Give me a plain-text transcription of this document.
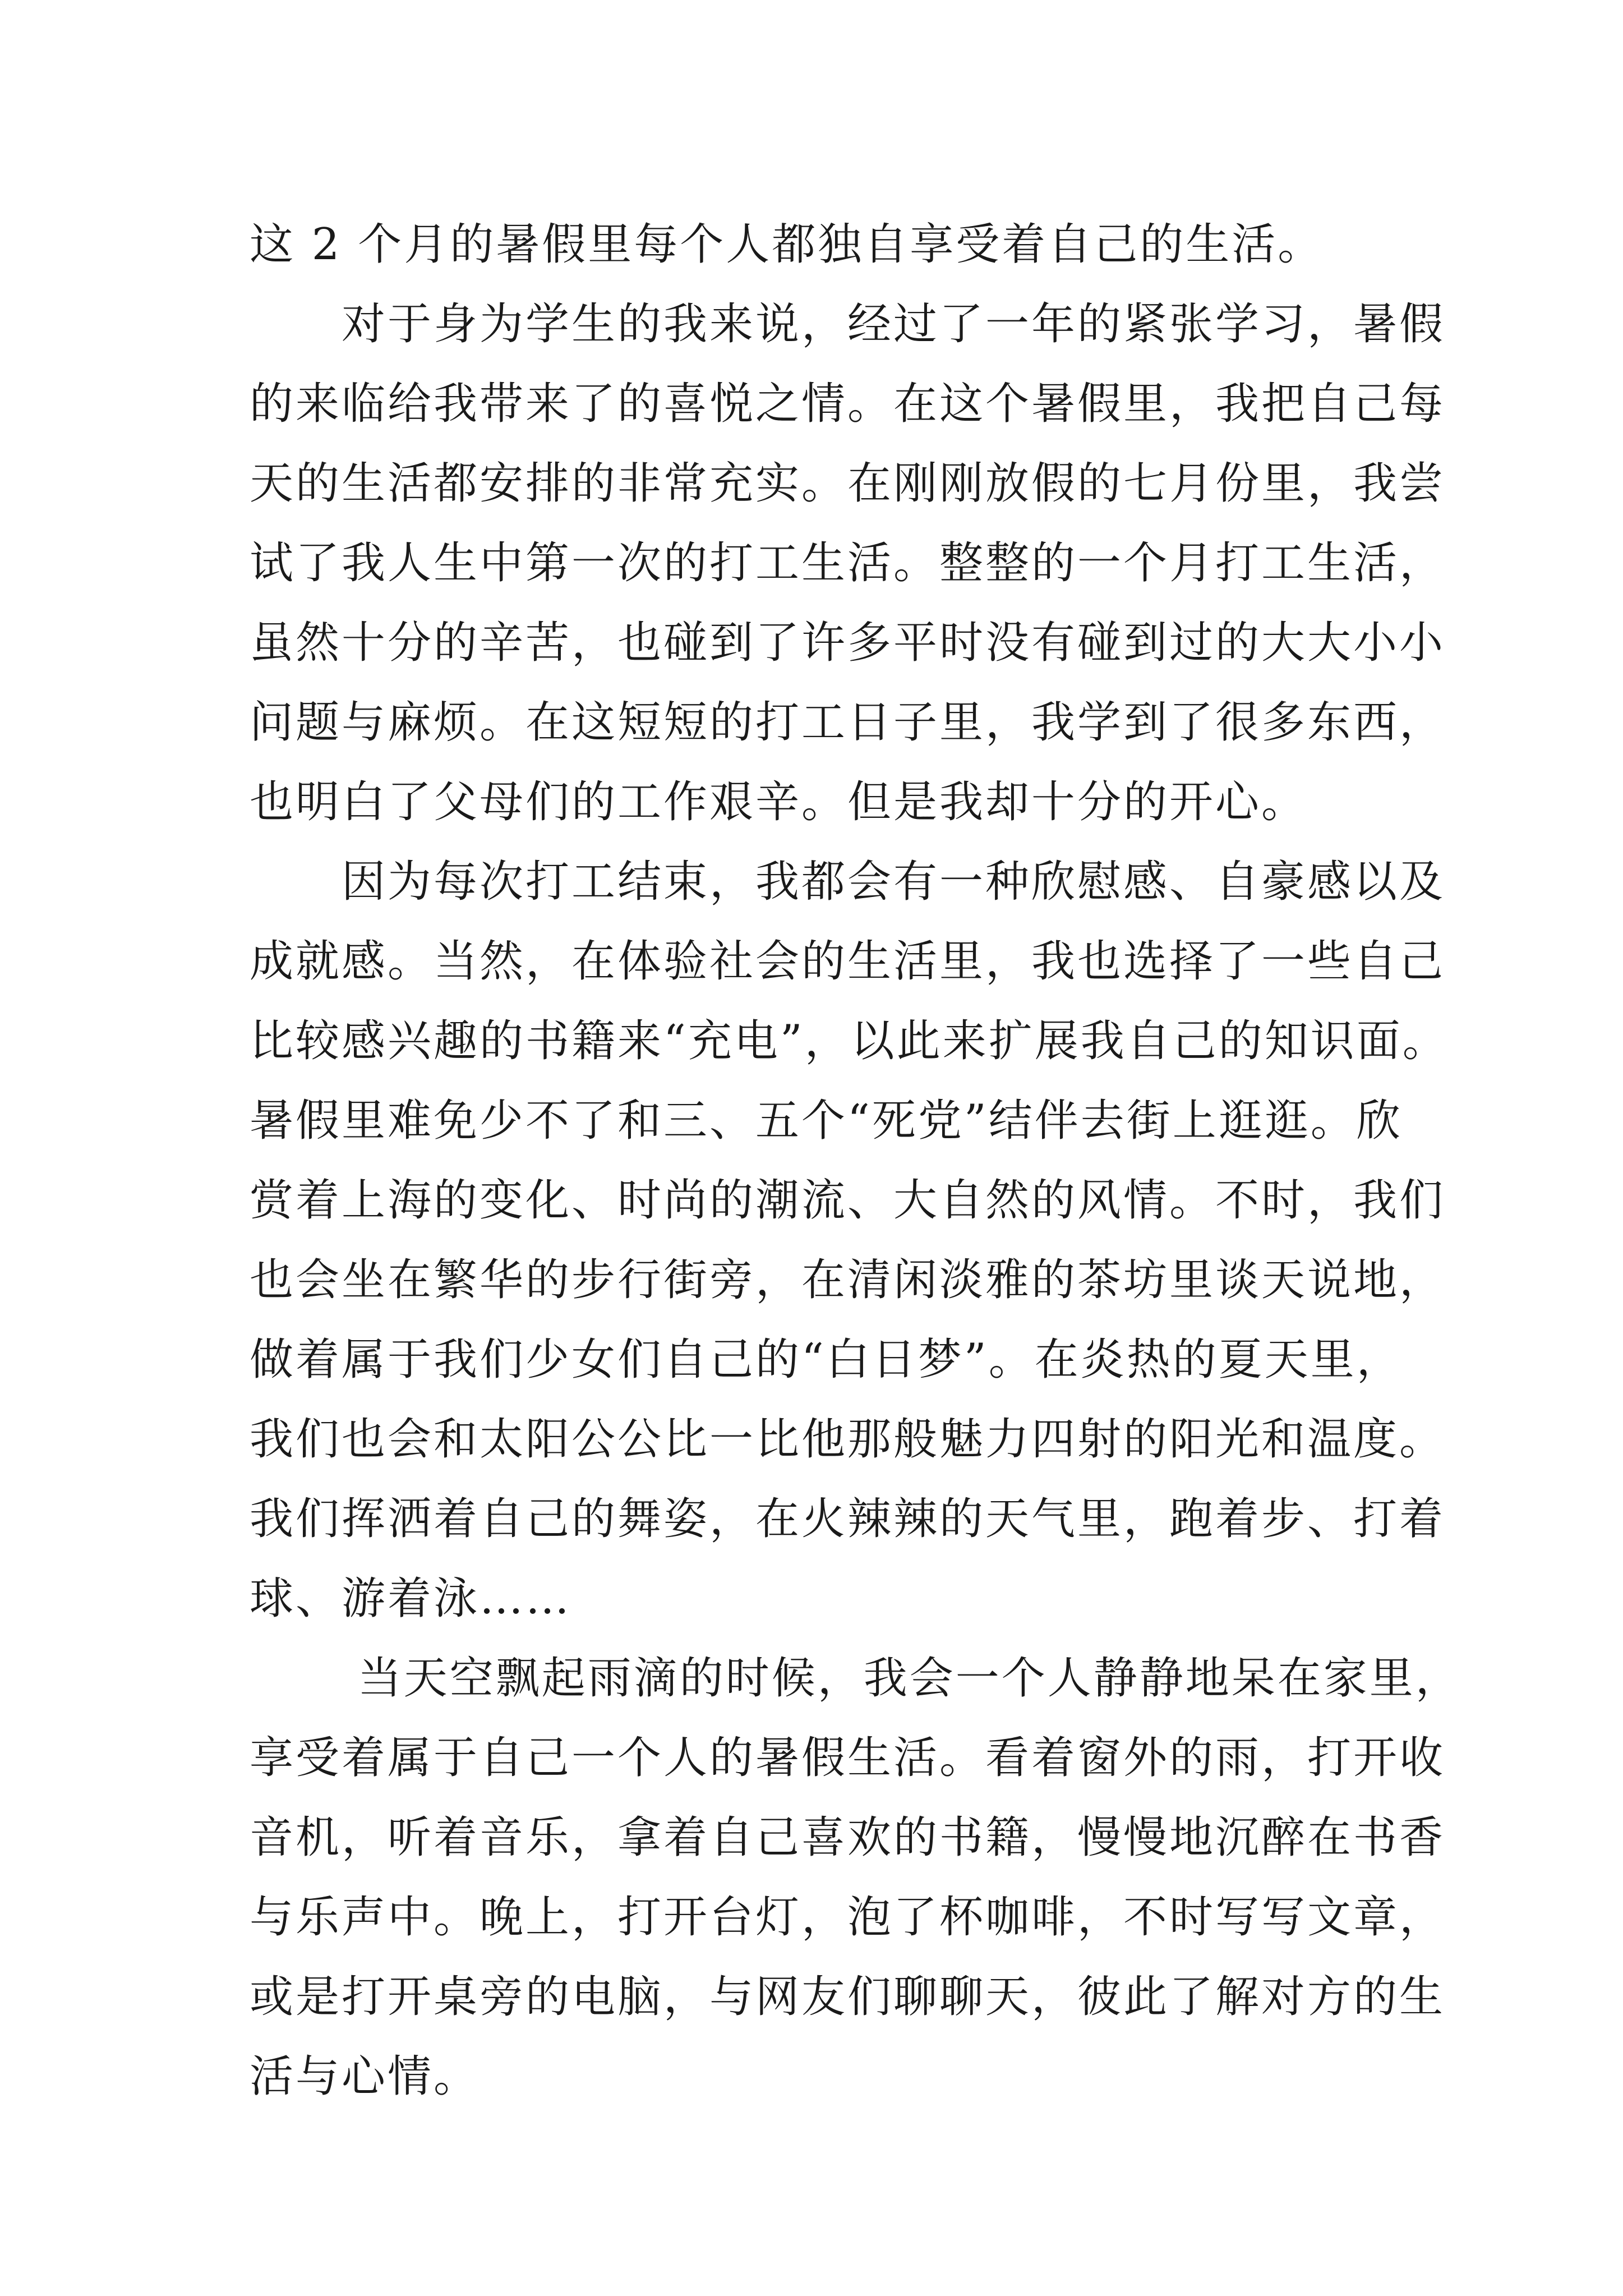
这 2 个月的暑假里每个人都独自享受着自己的生活。
　　对于身为学生的我来说，经过了一年的紧张学习，暑假
的来临给我带来了的喜悦之情。在这个暑假里，我把自己每
天的生活都安排的非常充实。在刚刚放假的七月份里，我尝
试了我人生中第一次的打工生活。整整的一个月打工生活，
虽然十分的辛苦，也碰到了许多平时没有碰到过的大大小小
问题与麻烦。在这短短的打工日子里，我学到了很多东西，
也明白了父母们的工作艰辛。但是我却十分的开心。
　　因为每次打工结束，我都会有一种欣慰感、自豪感以及
成就感。当然，在体验社会的生活里，我也选择了一些自己
比较感兴趣的书籍来“充电”，以此来扩展我自己的知识面。
暑假里难免少不了和三、五个“死党”结伴去街上逛逛。欣
赏着上海的变化、时尚的潮流、大自然的风情。不时，我们
也会坐在繁华的步行街旁，在清闲淡雅的茶坊里谈天说地，
做着属于我们少女们自己的“白日梦”。在炎热的夏天里，
我们也会和太阳公公比一比他那般魅力四射的阳光和温度。
我们挥洒着自己的舞姿，在火辣辣的天气里，跑着步、打着
球、游着泳……
　　 当天空飘起雨滴的时候，我会一个人静静地呆在家里，
享受着属于自己一个人的暑假生活。看着窗外的雨，打开收
音机，听着音乐，拿着自己喜欢的书籍，慢慢地沉醉在书香
与乐声中。晚上，打开台灯，泡了杯咖啡，不时写写文章，
或是打开桌旁的电脑，与网友们聊聊天，彼此了解对方的生
活与心情。
